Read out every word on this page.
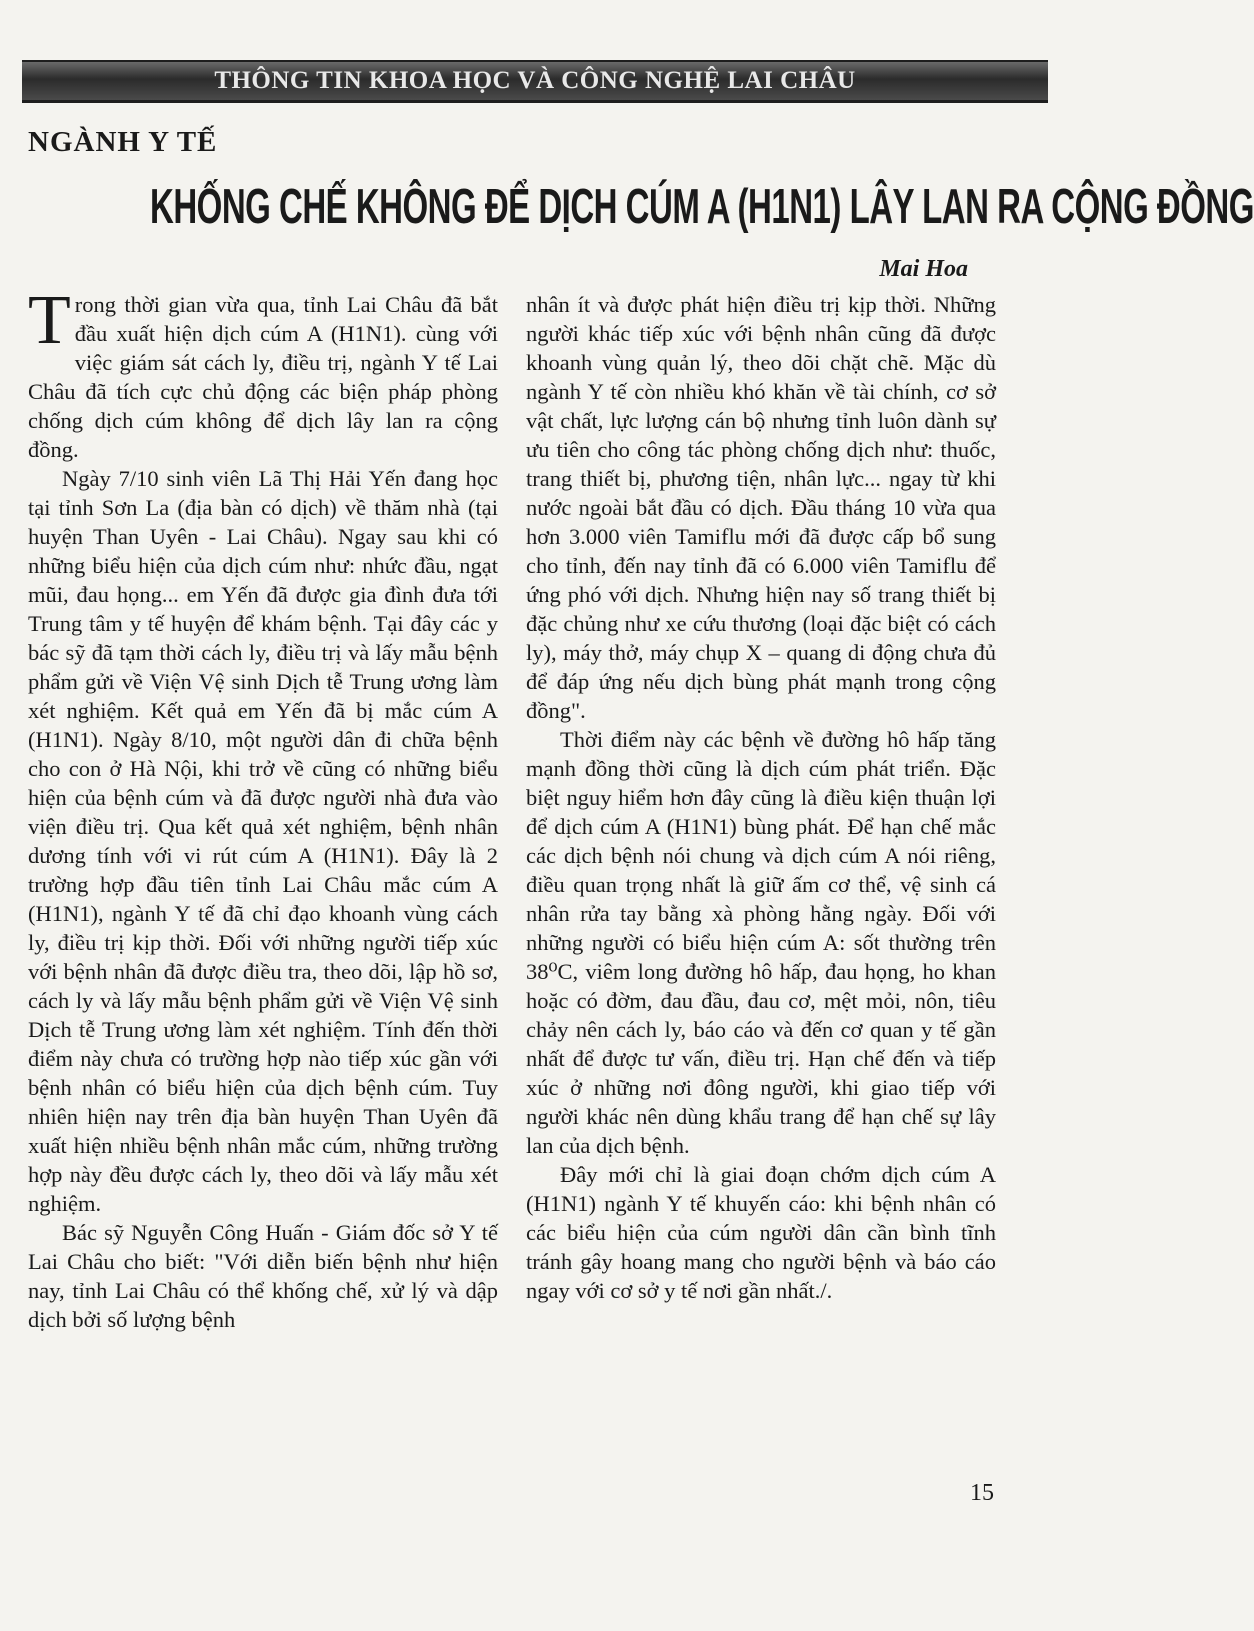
THÔNG TIN KHOA HỌC VÀ CÔNG NGHỆ LAI CHÂU
NGÀNH Y TẾ
KHỐNG CHẾ KHÔNG ĐỂ DỊCH CÚM A (H1N1) LÂY LAN RA CỘNG ĐỒNG
Mai Hoa

Trong thời gian vừa qua, tỉnh Lai Châu đã bắt đầu xuất hiện dịch cúm A (H1N1). cùng với việc giám sát cách ly, điều trị, ngành Y tế Lai Châu đã tích cực chủ động các biện pháp phòng chống dịch cúm không để dịch lây lan ra cộng đồng.

Ngày 7/10 sinh viên Lã Thị Hải Yến đang học tại tỉnh Sơn La (địa bàn có dịch) về thăm nhà (tại huyện Than Uyên - Lai Châu). Ngay sau khi có những biểu hiện của dịch cúm như: nhức đầu, ngạt mũi, đau họng... em Yến đã được gia đình đưa tới Trung tâm y tế huyện để khám bệnh. Tại đây các y bác sỹ đã tạm thời cách ly, điều trị và lấy mẫu bệnh phẩm gửi về Viện Vệ sinh Dịch tễ Trung ương làm xét nghiệm. Kết quả em Yến đã bị mắc cúm A (H1N1). Ngày 8/10, một người dân đi chữa bệnh cho con ở Hà Nội, khi trở về cũng có những biểu hiện của bệnh cúm và đã được người nhà đưa vào viện điều trị. Qua kết quả xét nghiệm, bệnh nhân dương tính với vi rút cúm A (H1N1). Đây là 2 trường hợp đầu tiên tỉnh Lai Châu mắc cúm A (H1N1), ngành Y tế đã chỉ đạo khoanh vùng cách ly, điều trị kịp thời. Đối với những người tiếp xúc với bệnh nhân đã được điều tra, theo dõi, lập hồ sơ, cách ly và lấy mẫu bệnh phẩm gửi về Viện Vệ sinh Dịch tễ Trung ương làm xét nghiệm. Tính đến thời điểm này chưa có trường hợp nào tiếp xúc gần với bệnh nhân có biểu hiện của dịch bệnh cúm. Tuy nhiên hiện nay trên địa bàn huyện Than Uyên đã xuất hiện nhiều bệnh nhân mắc cúm, những trường hợp này đều được cách ly, theo dõi và lấy mẫu xét nghiệm.

Bác sỹ Nguyễn Công Huấn - Giám đốc sở Y tế Lai Châu cho biết: "Với diễn biến bệnh như hiện nay, tỉnh Lai Châu có thể khống chế, xử lý và dập dịch bởi số lượng bệnh

nhân ít và được phát hiện điều trị kịp thời. Những người khác tiếp xúc với bệnh nhân cũng đã được khoanh vùng quản lý, theo dõi chặt chẽ. Mặc dù ngành Y tế còn nhiều khó khăn về tài chính, cơ sở vật chất, lực lượng cán bộ nhưng tỉnh luôn dành sự ưu tiên cho công tác phòng chống dịch như: thuốc, trang thiết bị, phương tiện, nhân lực... ngay từ khi nước ngoài bắt đầu có dịch. Đầu tháng 10 vừa qua hơn 3.000 viên Tamiflu mới đã được cấp bổ sung cho tỉnh, đến nay tỉnh đã có 6.000 viên Tamiflu để ứng phó với dịch. Nhưng hiện nay số trang thiết bị đặc chủng như xe cứu thương (loại đặc biệt có cách ly), máy thở, máy chụp X – quang di động chưa đủ để đáp ứng nếu dịch bùng phát mạnh trong cộng đồng".

Thời điểm này các bệnh về đường hô hấp tăng mạnh đồng thời cũng là dịch cúm phát triển. Đặc biệt nguy hiểm hơn đây cũng là điều kiện thuận lợi để dịch cúm A (H1N1) bùng phát. Để hạn chế mắc các dịch bệnh nói chung và dịch cúm A nói riêng, điều quan trọng nhất là giữ ấm cơ thể, vệ sinh cá nhân rửa tay bằng xà phòng hằng ngày. Đối với những người có biểu hiện cúm A: sốt thường trên 38⁰C, viêm long đường hô hấp, đau họng, ho khan hoặc có đờm, đau đầu, đau cơ, mệt mỏi, nôn, tiêu chảy nên cách ly, báo cáo và đến cơ quan y tế gần nhất để được tư vấn, điều trị. Hạn chế đến và tiếp xúc ở những nơi đông người, khi giao tiếp với người khác nên dùng khẩu trang để hạn chế sự lây lan của dịch bệnh.

Đây mới chỉ là giai đoạn chớm dịch cúm A (H1N1) ngành Y tế khuyến cáo: khi bệnh nhân có các biểu hiện của cúm người dân cần bình tĩnh tránh gây hoang mang cho người bệnh và báo cáo ngay với cơ sở y tế nơi gần nhất./.

15
